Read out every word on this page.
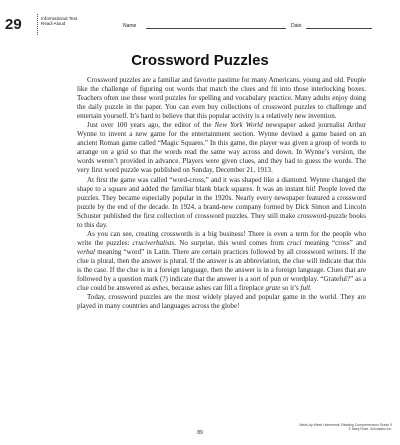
29	Informational Text
Read-Aloud	Name	Date
Crossword Puzzles

Crossword puzzles are a familiar and favorite pastime for many Americans, young and old. People like the challenge of figuring out words that match the clues and fit into those interlocking boxes. Teachers often use these word puzzles for spelling and vocabulary practice. Many adults enjoy doing the daily puzzle in the paper. You can even buy collections of crossword puzzles to challenge and entertain yourself. It’s hard to believe that this popular activity is a relatively new invention.

Just over 100 years ago, the editor of the New York World newspaper asked journalist Arthur Wynne to invent a new game for the entertainment section. Wynne devised a game based on an ancient Roman game called “Magic Squares.” In this game, the player was given a group of words to arrange on a grid so that the words read the same way across and down. In Wynne’s version, the words weren’t provided in advance. Players were given clues, and they had to guess the words. The very first word puzzle was published on Sunday, December 21, 1913.

At first the game was called “word-cross,” and it was shaped like a diamond. Wynne changed the shape to a square and added the familiar blank black squares. It was an instant hit! People loved the puzzles. They became especially popular in the 1920s. Nearly every newspaper featured a crossword puzzle by the end of the decade. In 1924, a brand-new company formed by Dick Simon and Lincoln Schuster published the first collection of crossword puzzles. They still make crossword-puzzle books to this day.

As you can see, creating crosswords is a big business! There is even a term for the people who write the puzzles: cruciverbalists. No surprise, this word comes from cruci meaning “cross” and verbal meaning “word” in Latin. There are certain practices followed by all crossword writers. If the clue is plural, then the answer is plural. If the answer is an abbreviation, the clue will indicate that this is the case. If the clue is in a foreign language, then the answer is in a foreign language. Clues that are followed by a question mark (?) indicate that the answer is a sort of pun or wordplay. “Grateful?” as a clue could be answered as ashes, because ashes can fill a fireplace grate so it’s full.

Today, crossword puzzles are the most widely played and popular game in the world. They are played in many countries and languages across the globe!

89
Week-by-Week Homework: Reading Comprehension Grade 5
© Mary Rose, Scholastic Inc.
